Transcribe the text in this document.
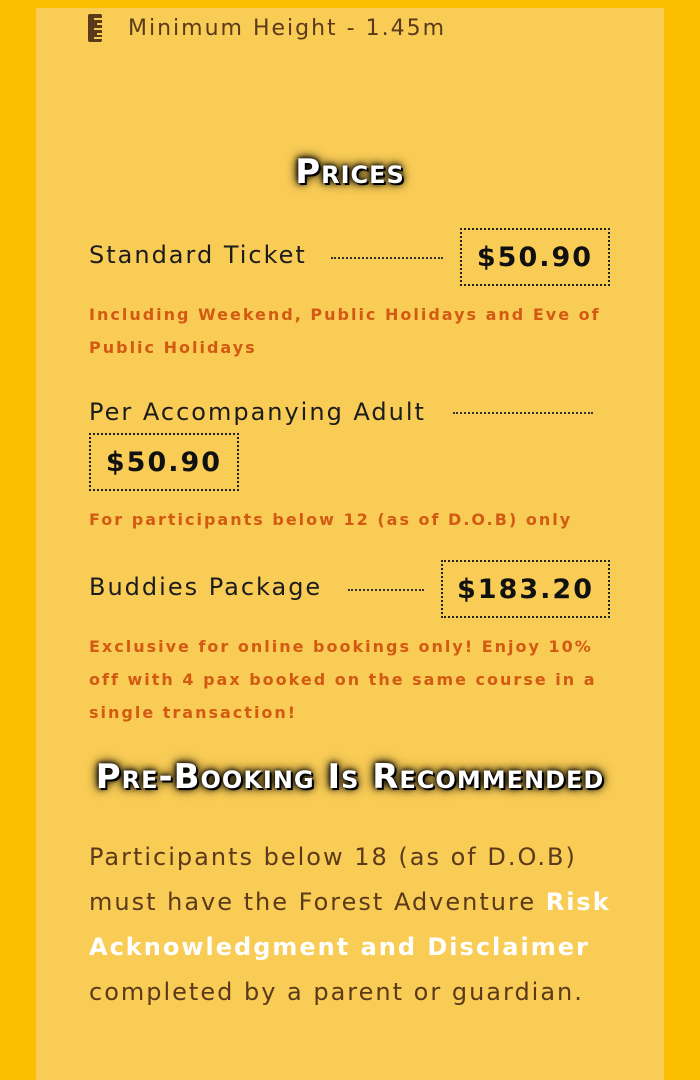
Minimum Height - 1.45m
Prices
Standard Ticket	$50.90
Including Weekend, Public Holidays and Eve of Public Holidays
Per Accompanying Adult
$50.90
For participants below 12 (as of D.O.B) only
Buddies Package	$183.20
Exclusive for online bookings only! Enjoy 10% off with 4 pax booked on the same course in a single transaction!
Pre-Booking Is Recommended
Participants below 18 (as of D.O.B) must have the Forest Adventure Risk Acknowledgment and Disclaimer completed by a parent or guardian.
